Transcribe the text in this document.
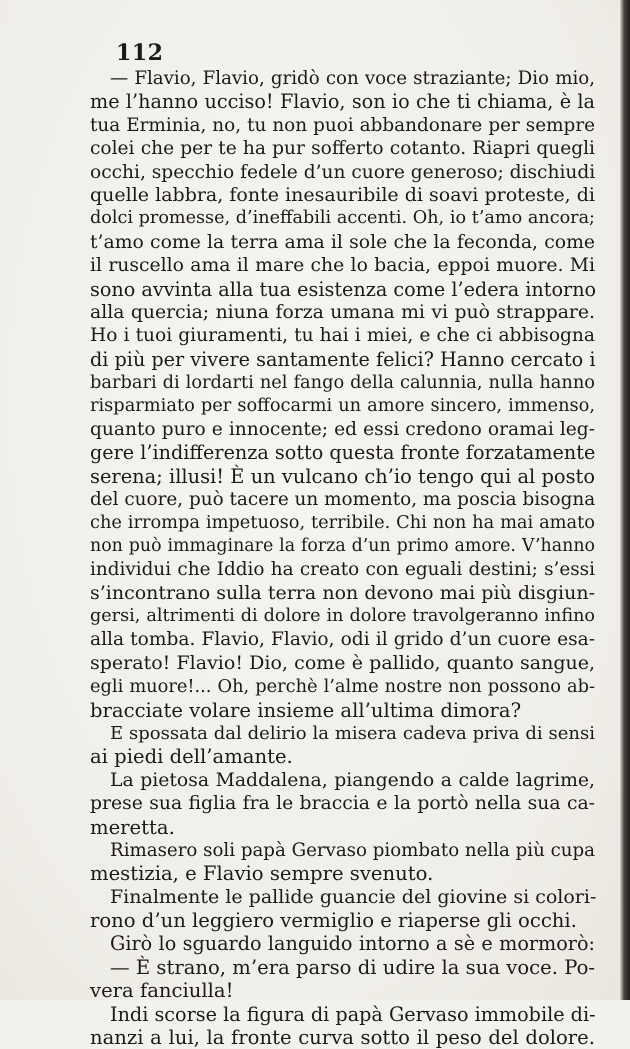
112
— Flavio, Flavio, gridò con voce straziante; Dio mio,
me l’hanno ucciso! Flavio, son io che ti chiama, è la
tua Erminia, no, tu non puoi abbandonare per sempre
colei che per te ha pur sofferto cotanto. Riapri quegli
occhi, specchio fedele d’un cuore generoso; dischiudi
quelle labbra, fonte inesauribile di soavi proteste, di
dolci promesse, d’ineffabili accenti. Oh, io t’amo ancora;
t’amo come la terra ama il sole che la feconda, come
il ruscello ama il mare che lo bacia, eppoi muore. Mi
sono avvinta alla tua esistenza come l’edera intorno
alla quercia; niuna forza umana mi vi può strappare.
Ho i tuoi giuramenti, tu hai i miei, e che ci abbisogna
di più per vivere santamente felici? Hanno cercato i
barbari di lordarti nel fango della calunnia, nulla hanno
risparmiato per soffocarmi un amore sincero, immenso,
quanto puro e innocente; ed essi credono oramai leg-
gere l’indifferenza sotto questa fronte forzatamente
serena; illusi! È un vulcano ch’io tengo qui al posto
del cuore, può tacere un momento, ma poscia bisogna
che irrompa impetuoso, terribile. Chi non ha mai amato
non può immaginare la forza d’un primo amore. V’hanno
individui che Iddio ha creato con eguali destini; s’essi
s’incontrano sulla terra non devono mai più disgiun-
gersi, altrimenti di dolore in dolore travolgeranno infino
alla tomba. Flavio, Flavio, odi il grido d’un cuore esa-
sperato! Flavio! Dio, come è pallido, quanto sangue,
egli muore!... Oh, perchè l’alme nostre non possono ab-
bracciate volare insieme all’ultima dimora?
E spossata dal delirio la misera cadeva priva di sensi
ai piedi dell’amante.
La pietosa Maddalena, piangendo a calde lagrime,
prese sua figlia fra le braccia e la portò nella sua ca-
meretta.
Rimasero soli papà Gervaso piombato nella più cupa
mestizia, e Flavio sempre svenuto.
Finalmente le pallide guancie del giovine si colori-
rono d’un leggiero vermiglio e riaperse gli occhi.
Girò lo sguardo languido intorno a sè e mormorò:
— È strano, m’era parso di udire la sua voce. Po-
vera fanciulla!
Indi scorse la figura di papà Gervaso immobile di-
nanzi a lui, la fronte curva sotto il peso del dolore.
